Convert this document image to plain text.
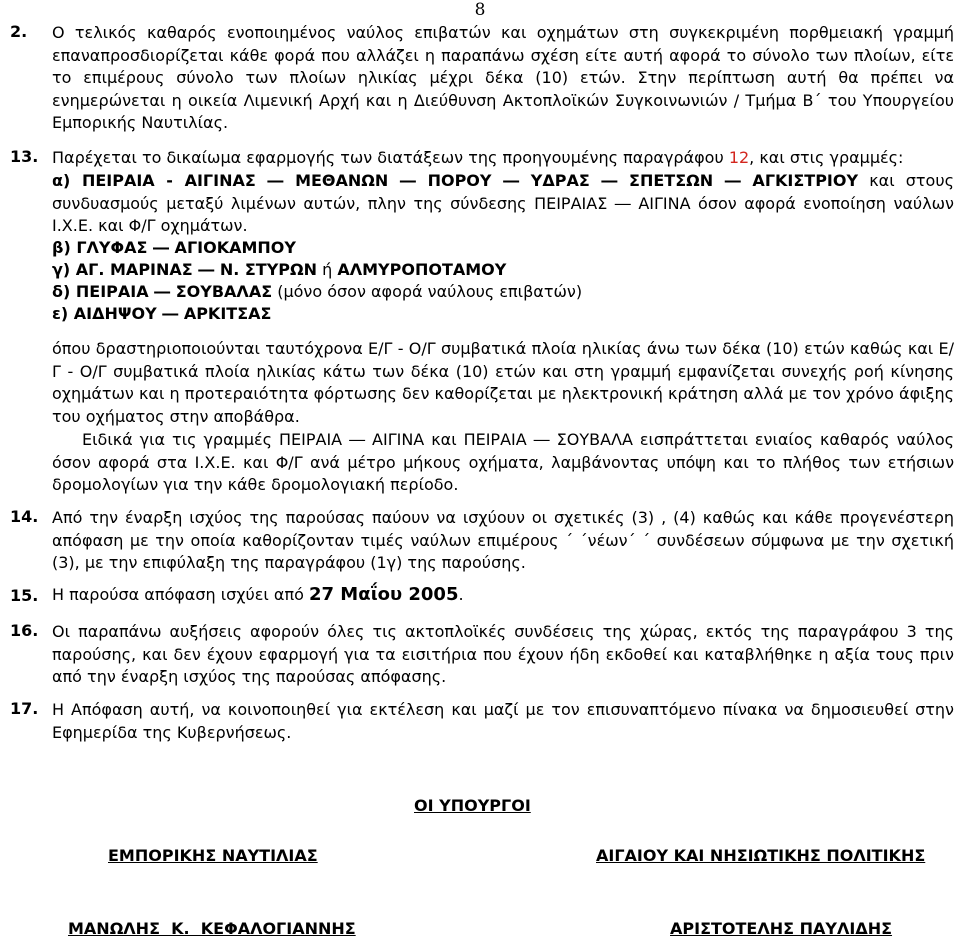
8
2. Ο τελικός καθαρός ενοποιημένος ναύλος επιβατών και οχημάτων στη συγκεκριμένη πορθμειακή γραμμή επαναπροσδιορίζεται κάθε φορά που αλλάζει η παραπάνω σχέση είτε αυτή αφορά το σύνολο των πλοίων, είτε το επιμέρους σύνολο των πλοίων ηλικίας μέχρι δέκα (10) ετών. Στην περίπτωση αυτή θα πρέπει να ενημερώνεται η οικεία Λιμενική Αρχή και η Διεύθυνση Ακτοπλοϊκών Συγκοινωνιών / Τμήμα Β΄ του Υπουργείου Εμπορικής Ναυτιλίας.

13. Παρέχεται το δικαίωμα εφαρμογής των διατάξεων της προηγουμένης παραγράφου 12, και στις γραμμές:

α) ΠΕΙΡΑΙΑ - ΑΙΓΙΝΑΣ ― ΜΕΘΑΝΩΝ ― ΠΟΡΟΥ ― ΥΔΡΑΣ ― ΣΠΕΤΣΩΝ ― ΑΓΚΙΣΤΡΙΟΥ και στους συνδυασμούς μεταξύ λιμένων αυτών, πλην της σύνδεσης ΠΕΙΡΑΙΑΣ ― ΑΙΓΙΝΑ όσον αφορά ενοποίηση ναύλων Ι.Χ.Ε. και Φ/Γ οχημάτων.

β) ΓΛΥΦΑΣ ― ΑΓΙΟΚΑΜΠΟΥ

γ) ΑΓ. ΜΑΡΙΝΑΣ ― Ν. ΣΤΥΡΩΝ ή ΑΛΜΥΡΟΠΟΤΑΜΟΥ

δ) ΠΕΙΡΑΙΑ ― ΣΟΥΒΑΛΑΣ (μόνο όσον αφορά ναύλους επιβατών)

ε) ΑΙΔΗΨΟΥ ― ΑΡΚΙΤΣΑΣ

όπου δραστηριοποιούνται ταυτόχρονα Ε/Γ - Ο/Γ συμβατικά πλοία ηλικίας άνω των δέκα (10) ετών καθώς και Ε/Γ - Ο/Γ συμβατικά πλοία ηλικίας κάτω των δέκα (10) ετών και στη γραμμή εμφανίζεται συνεχής ροή κίνησης οχημάτων και η προτεραιότητα φόρτωσης δεν καθορίζεται με ηλεκτρονική κράτηση αλλά με τον χρόνο άφιξης του οχήματος στην αποβάθρα.

Ειδικά για τις γραμμές ΠΕΙΡΑΙΑ ― ΑΙΓΙΝΑ και ΠΕΙΡΑΙΑ ― ΣΟΥΒΑΛΑ εισπράττεται ενιαίος καθαρός ναύλος όσον αφορά στα Ι.Χ.Ε. και Φ/Γ ανά μέτρο μήκους οχήματα, λαμβάνοντας υπόψη και το πλήθος των ετήσιων δρομολογίων για την κάθε δρομολογιακή περίοδο.

14. Από την έναρξη ισχύος της παρούσας παύουν να ισχύουν οι σχετικές (3) , (4) καθώς και κάθε προγενέστερη απόφαση με την οποία καθορίζονταν τιμές ναύλων επιμέρους ΄ ΄νέων΄ ΄ συνδέσεων σύμφωνα με την σχετική (3), με την επιφύλαξη της παραγράφου (1γ) της παρούσης.

15. Η παρούσα απόφαση ισχύει από 27 Μαΐου 2005.

16. Οι παραπάνω αυξήσεις αφορούν όλες τις ακτοπλοϊκές συνδέσεις της χώρας, εκτός της παραγράφου 3 της παρούσης, και δεν έχουν εφαρμογή για τα εισιτήρια που έχουν ήδη εκδοθεί και καταβλήθηκε η αξία τους πριν από την έναρξη ισχύος της παρούσας απόφασης.

17. Η Απόφαση αυτή, να κοινοποιηθεί για εκτέλεση και μαζί με τον επισυναπτόμενο πίνακα να δημοσιευθεί στην Εφημερίδα της Κυβερνήσεως.

ΟΙ ΥΠΟΥΡΓΟΙ
ΕΜΠΟΡΙΚΗΣ ΝΑΥΤΙΛΙΑΣ	ΑΙΓΑΙΟΥ ΚΑΙ ΝΗΣΙΩΤΙΚΗΣ ΠΟΛΙΤΙΚΗΣ
ΜΑΝΩΛΗΣ  Κ.  ΚΕΦΑΛΟΓΙΑΝΝΗΣ	ΑΡΙΣΤΟΤΕΛΗΣ ΠΑΥΛΙΔΗΣ
